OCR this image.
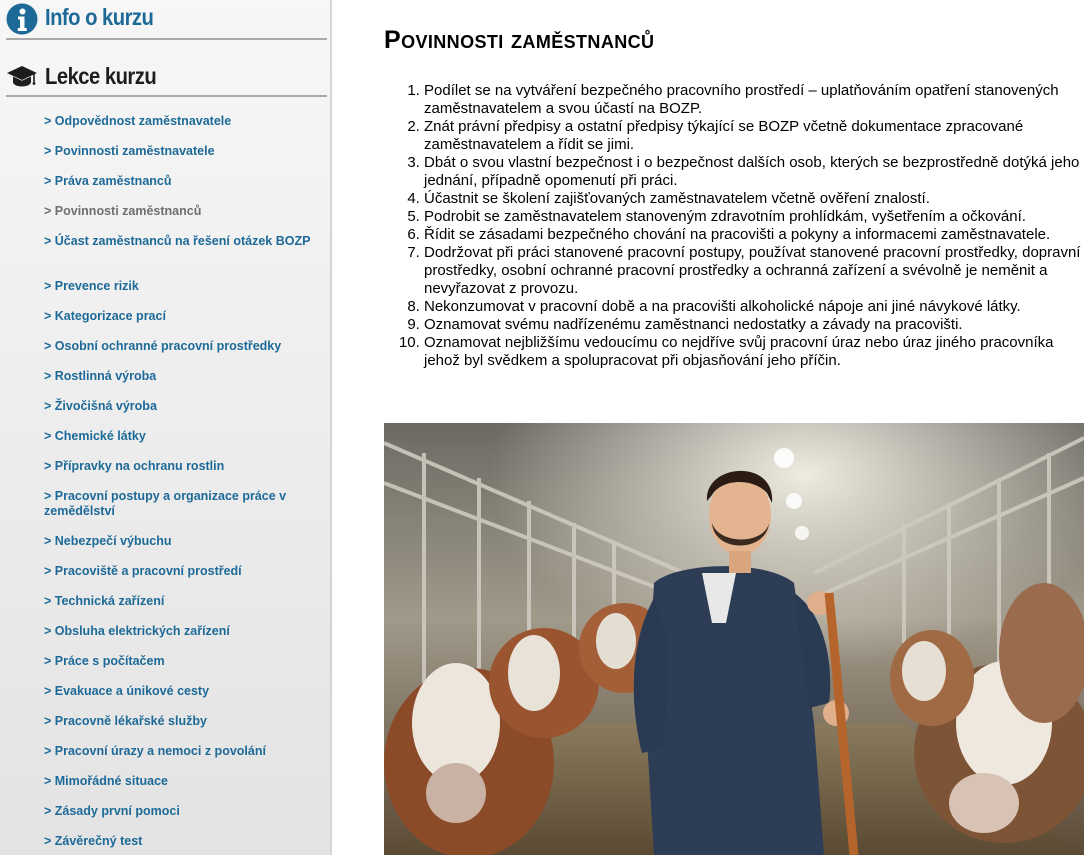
Info o kurzu
Lekce kurzu
> Odpovědnost zaměstnavatele
> Povinnosti zaměstnavatele
> Práva zaměstnanců
> Povinnosti zaměstnanců
> Účast zaměstnanců na řešení otázek BOZP
> Prevence rizik
> Kategorizace prací
> Osobní ochranné pracovní prostředky
> Rostlinná výroba
> Živočišná výroba
> Chemické látky
> Přípravky na ochranu rostlin
> Pracovní postupy a organizace práce v zemědělství
> Nebezpečí výbuchu
> Pracoviště a pracovní prostředí
> Technická zařízení
> Obsluha elektrických zařízení
> Práce s počítačem
> Evakuace a únikové cesty
> Pracovně lékařské služby
> Pracovní úrazy a nemoci z povolání
> Mimořádné situace
> Zásady první pomoci
> Závěrečný test
Povinnosti zaměstnanců
1. Podílet se na vytváření bezpečného pracovního prostředí – uplatňováním opatření stanovených zaměstnavatelem a svou účastí na BOZP.
2. Znát právní předpisy a ostatní předpisy týkající se BOZP včetně dokumentace zpracované zaměstnavatelem a řídit se jimi.
3. Dbát o svou vlastní bezpečnost i o bezpečnost dalších osob, kterých se bezprostředně dotýká jeho jednání, případně opomenutí při práci.
4. Účastnit se školení zajišťovaných zaměstnavatelem včetně ověření znalostí.
5. Podrobit se zaměstnavatelem stanoveným zdravotním prohlídkám, vyšetřením a očkování.
6. Řídit se zásadami bezpečného chování na pracovišti a pokyny a informacemi zaměstnavatele.
7. Dodržovat při práci stanovené pracovní postupy, používat stanovené pracovní prostředky, dopravní prostředky, osobní ochranné pracovní prostředky a ochranná zařízení a svévolně je neměnit a nevyřazovat z provozu.
8. Nekonzumovat v pracovní době a na pracovišti alkoholické nápoje ani jiné návykové látky.
9. Oznamovat svému nadřízenému zaměstnanci nedostatky a závady na pracovišti.
10. Oznamovat nejbližšímu vedoucímu co nejdříve svůj pracovní úraz nebo úraz jiného pracovníka jehož byl svědkem a spolupracovat při objasňování jeho příčin.
